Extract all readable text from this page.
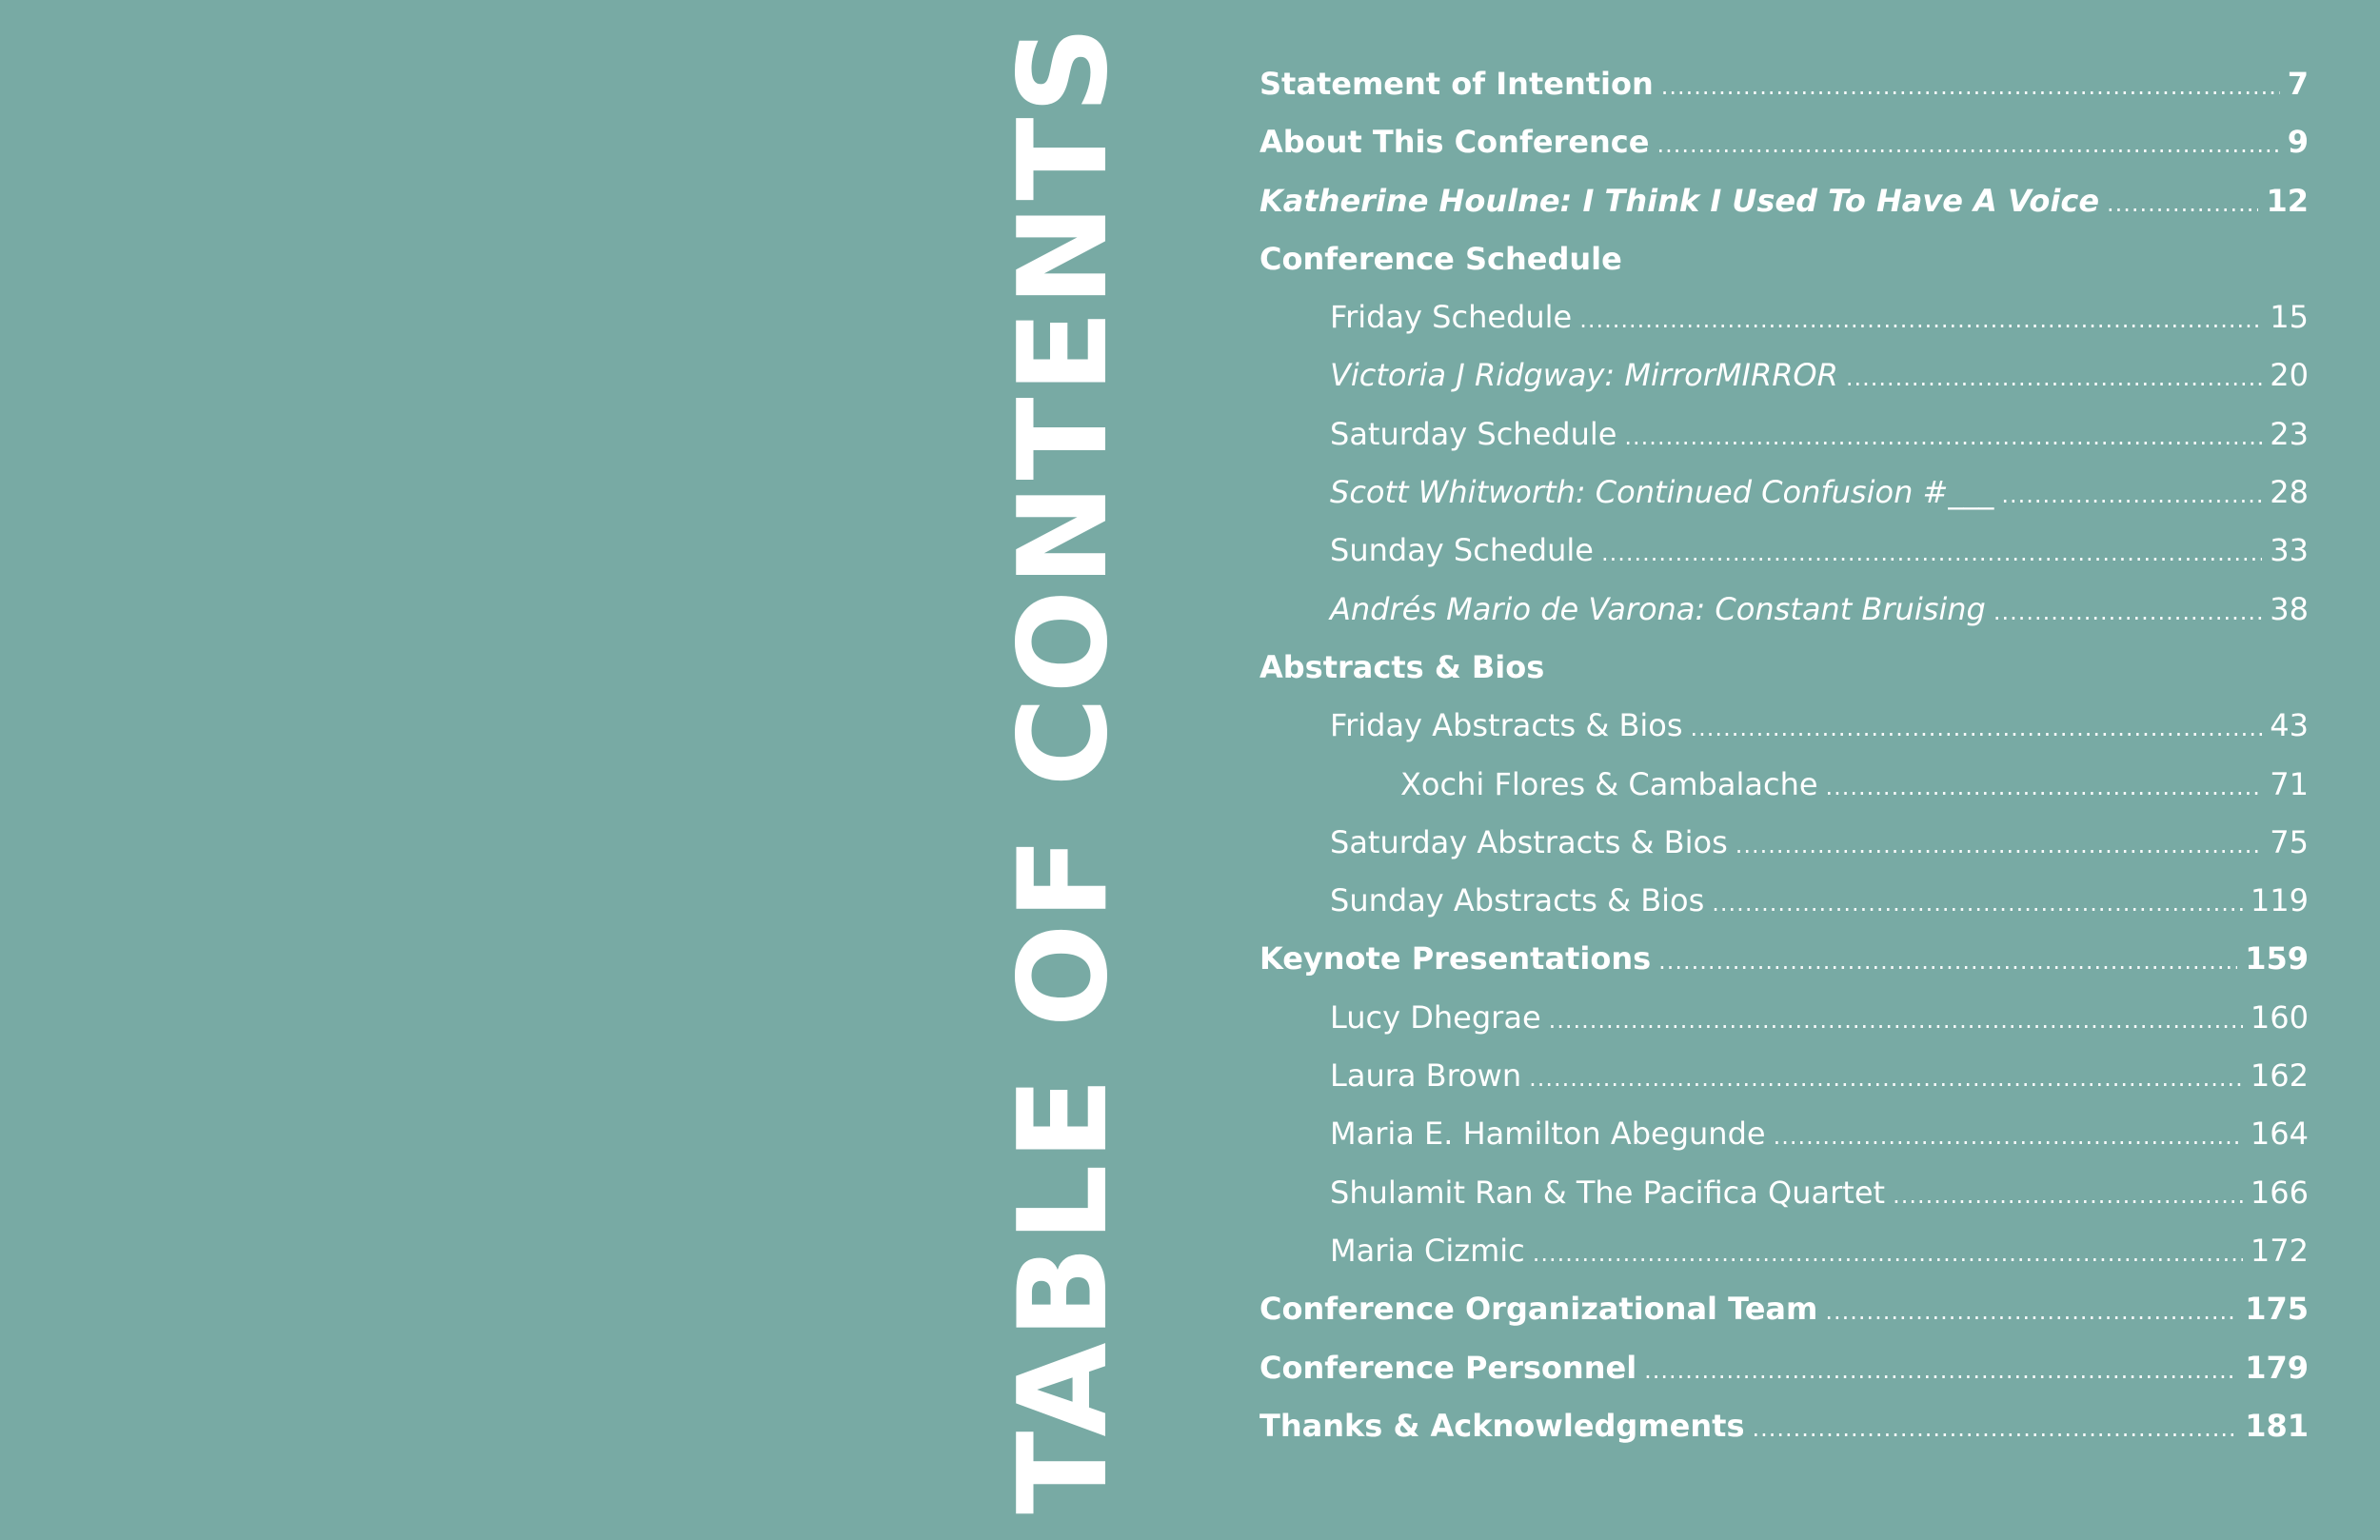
TABLE OF CONTENTS	Statement of Intention .....	7
About This Conference .....	9
Katherine Houlne: I Think I Used To Have A Voice .....	12
Conference Schedule
Friday Schedule .....	15
Victoria J Ridgway: MirrorMIRROR .....	20
Saturday Schedule .....	23
Scott Whitworth: Continued Confusion #___ .....	28
Sunday Schedule .....	33
Andrés Mario de Varona: Constant Bruising .....	38
Abstracts & Bios
Friday Abstracts & Bios .....	43
Xochi Flores & Cambalache .....	71
Saturday Abstracts & Bios .....	75
Sunday Abstracts & Bios .....	119
Keynote Presentations .....	159
Lucy Dhegrae .....	160
Laura Brown .....	162
Maria E. Hamilton Abegunde .....	164
Shulamit Ran & The Pacifica Quartet .....	166
Maria Cizmic .....	172
Conference Organizational Team .....	175
Conference Personnel .....	179
Thanks & Acknowledgments .....	181
